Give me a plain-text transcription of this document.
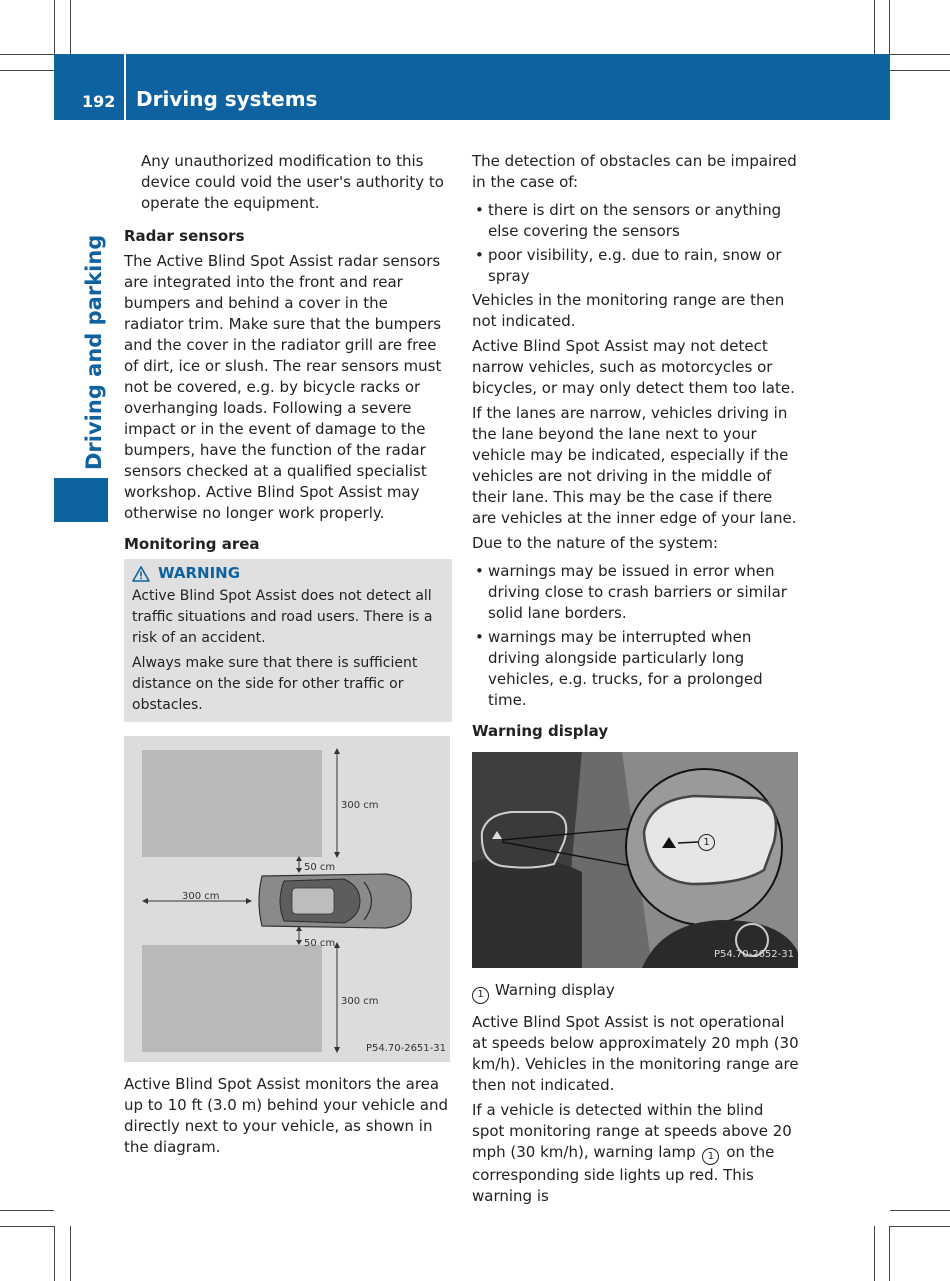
192 Driving systems
Driving and parking

Any unauthorized modification to this device could void the user's authority to operate the equipment.

Radar sensors

The Active Blind Spot Assist radar sensors are integrated into the front and rear bumpers and behind a cover in the radiator trim. Make sure that the bumpers and the cover in the radiator grill are free of dirt, ice or slush. The rear sensors must not be covered, e.g. by bicycle racks or overhanging loads. Following a severe impact or in the event of damage to the bumpers, have the function of the radar sensors checked at a qualified specialist workshop. Active Blind Spot Assist may otherwise no longer work properly.

Monitoring area
WARNING

Active Blind Spot Assist does not detect all traffic situations and road users. There is a risk of an accident.

Always make sure that there is sufficient distance on the side for other traffic or obstacles.

300 cm
50 cm
300 cm
50 cm
300 cm
P54.70-2651-31

Active Blind Spot Assist monitors the area up to 10 ft (3.0 m) behind your vehicle and directly next to your vehicle, as shown in the diagram.

The detection of obstacles can be impaired in the case of:

• there is dirt on the sensors or anything else covering the sensors
• poor visibility, e.g. due to rain, snow or spray

Vehicles in the monitoring range are then not indicated.

Active Blind Spot Assist may not detect narrow vehicles, such as motorcycles or bicycles, or may only detect them too late.

If the lanes are narrow, vehicles driving in the lane beyond the lane next to your vehicle may be indicated, especially if the vehicles are not driving in the middle of their lane. This may be the case if there are vehicles at the inner edge of your lane.

Due to the nature of the system:

• warnings may be issued in error when driving close to crash barriers or similar solid lane borders.
• warnings may be interrupted when driving alongside particularly long vehicles, e.g. trucks, for a prolonged time.
Warning display
1
P54.70-2652-31

1 Warning display

Active Blind Spot Assist is not operational at speeds below approximately 20 mph (30 km/h). Vehicles in the monitoring range are then not indicated.

If a vehicle is detected within the blind spot monitoring range at speeds above 20 mph (30 km/h), warning lamp 1 on the corresponding side lights up red. This warning is
